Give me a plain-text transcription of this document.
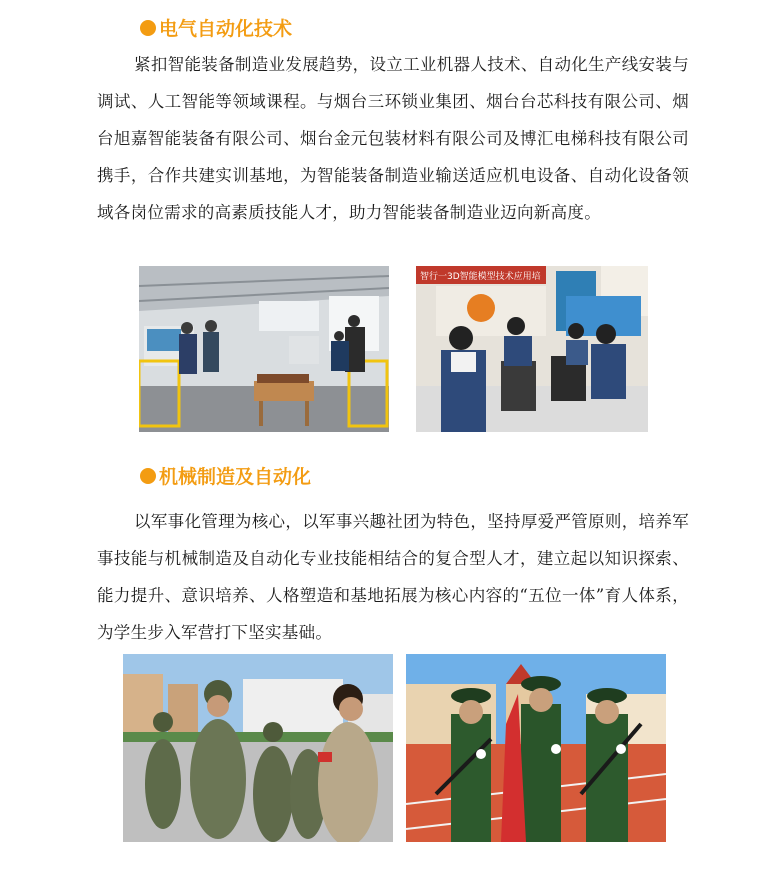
电气自动化技术
紧扣智能装备制造业发展趋势，设立工业机器人技术、自动化生产线安装与调试、人工智能等领域课程。与烟台三环锁业集团、烟台台芯科技有限公司、烟台旭嘉智能装备有限公司、烟台金元包装材料有限公司及博汇电梯科技有限公司携手，合作共建实训基地，为智能装备制造业输送适应机电设备、自动化设备领域各岗位需求的高素质技能人才，助力智能装备制造业迈向新高度。
智行一3D智能模型技术应用培
机械制造及自动化
以军事化管理为核心，以军事兴趣社团为特色，坚持厚爱严管原则，培养军事技能与机械制造及自动化专业技能相结合的复合型人才，建立起以知识探索、能力提升、意识培养、人格塑造和基地拓展为核心内容的“五位一体”育人体系，为学生步入军营打下坚实基础。
